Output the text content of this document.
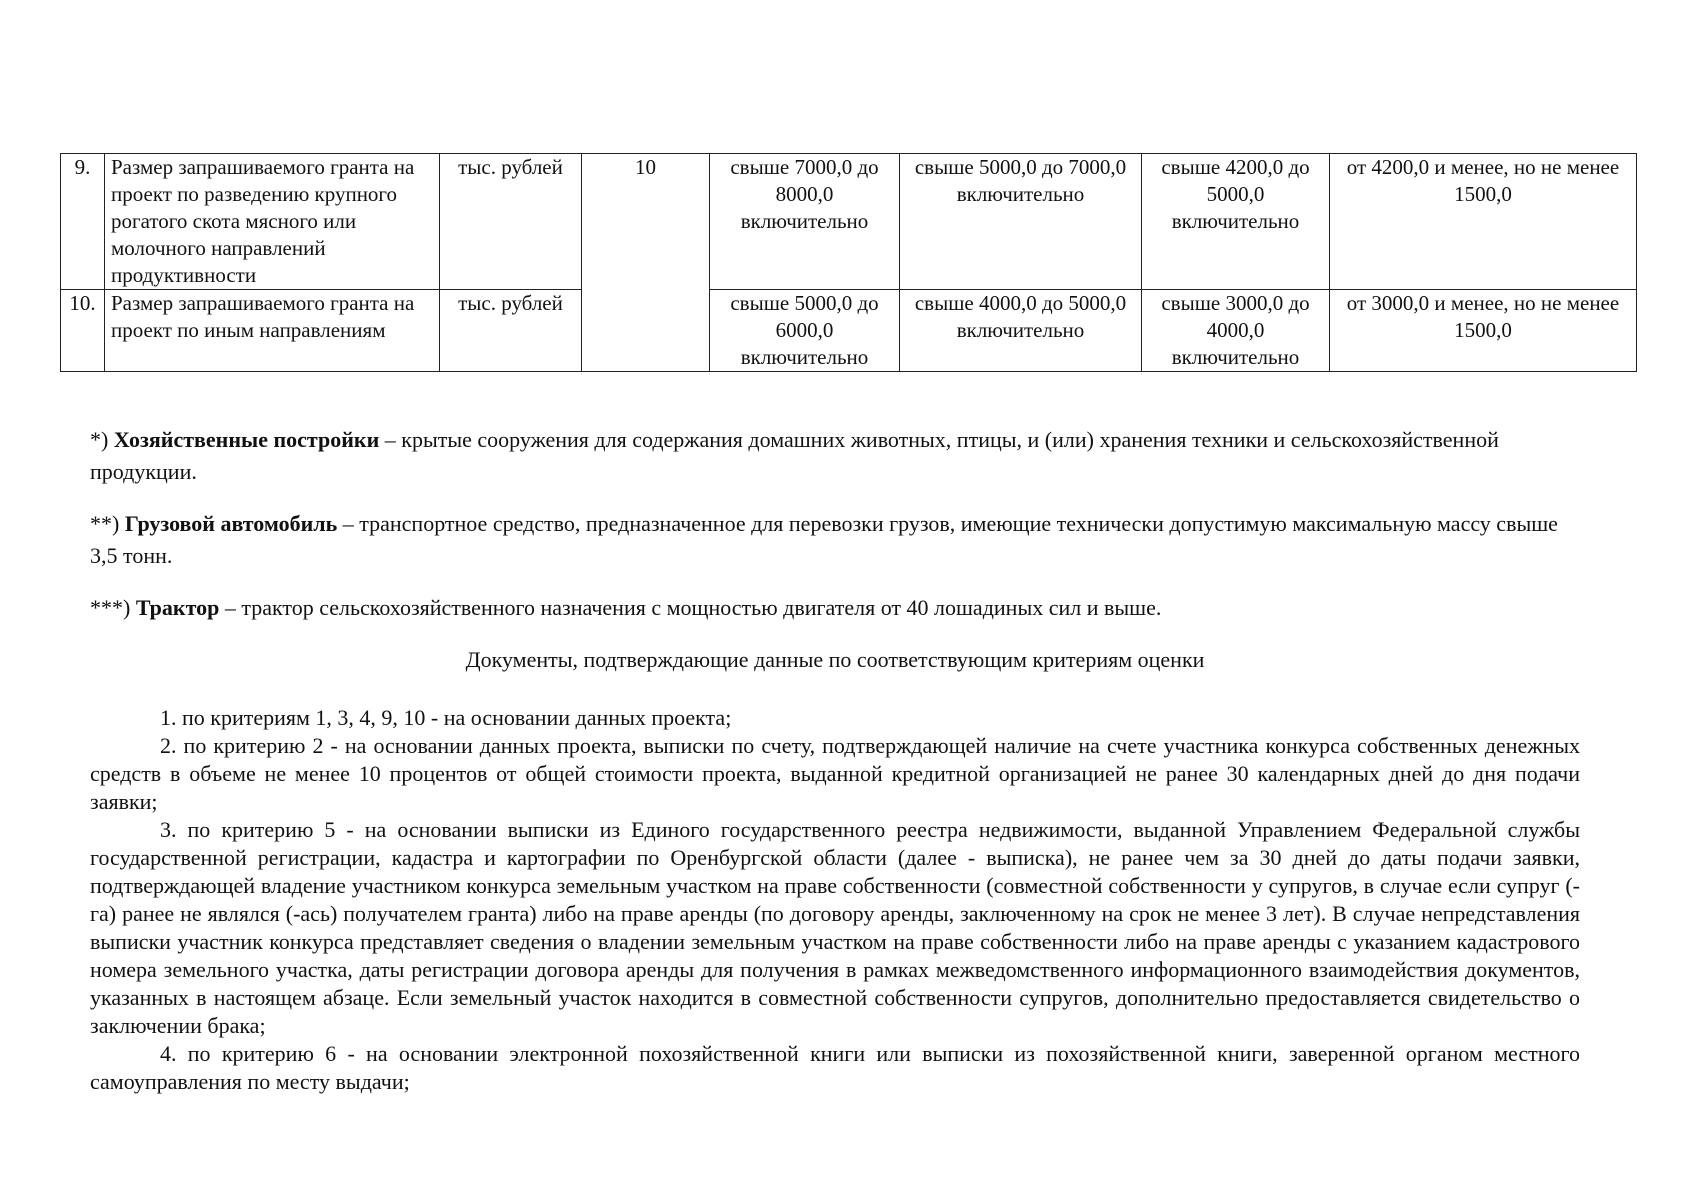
9.	Размер запрашиваемого гранта на проект по разведению крупного рогатого скота мясного или молочного направлений продуктивности	тыс. рублей	10	свыше 7000,0 до 8000,0 включительно	свыше 5000,0 до 7000,0 включительно	свыше 4200,0 до 5000,0 включительно	от 4200,0 и менее, но не менее 1500,0
10.	Размер запрашиваемого гранта на проект по иным направлениям	тыс. рублей		свыше 5000,0 до 6000,0 включительно	свыше 4000,0 до 5000,0 включительно	свыше 3000,0 до 4000,0 включительно	от 3000,0 и менее, но не менее 1500,0
*) Хозяйственные постройки – крытые сооружения для содержания домашних животных, птицы, и (или) хранения техники и сельскохозяйственной продукции.
**) Грузовой автомобиль – транспортное средство, предназначенное для перевозки грузов, имеющие технически допустимую максимальную массу свыше 3,5 тонн.
***) Трактор – трактор сельскохозяйственного назначения с мощностью двигателя от 40 лошадиных сил и выше.
Документы, подтверждающие данные по соответствующим критериям оценки

1. по критериям 1, 3, 4, 9, 10 - на основании данных проекта;

2. по критерию 2 - на основании данных проекта, выписки по счету, подтверждающей наличие на счете участника конкурса собственных денежных средств в объеме не менее 10 процентов от общей стоимости проекта, выданной кредитной организацией не ранее 30 календарных дней до дня подачи заявки;

3. по критерию 5 - на основании выписки из Единого государственного реестра недвижимости, выданной Управлением Федеральной службы государственной регистрации, кадастра и картографии по Оренбургской области (далее - выписка), не ранее чем за 30 дней до даты подачи заявки, подтверждающей владение участником конкурса земельным участком на праве собственности (совместной собственности у супругов, в случае если супруг (-га) ранее не являлся (-ась) получателем гранта) либо на праве аренды (по договору аренды, заключенному на срок не менее 3 лет). В случае непредставления выписки участник конкурса представляет сведения о владении земельным участком на праве собственности либо на праве аренды с указанием кадастрового номера земельного участка, даты регистрации договора аренды для получения в рамках межведомственного информационного взаимодействия документов, указанных в настоящем абзаце. Если земельный участок находится в совместной собственности супругов, дополнительно предоставляется свидетельство о заключении брака;

4. по критерию 6 - на основании электронной похозяйственной книги или выписки из похозяйственной книги, заверенной органом местного самоуправления по месту выдачи;
